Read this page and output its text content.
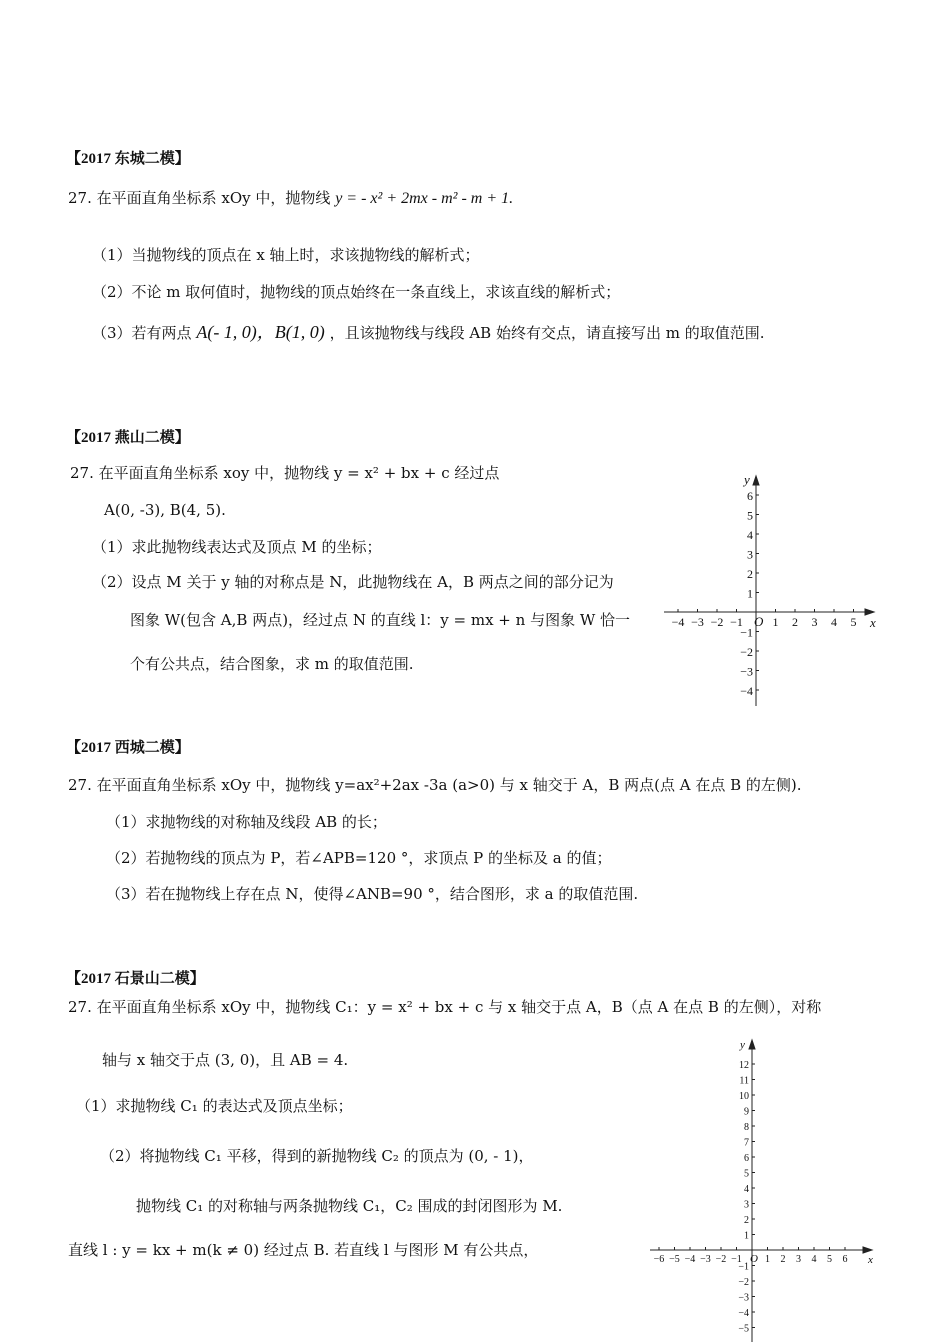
【2017 东城二模】
27. 在平面直角坐标系 xOy 中，抛物线 y = - x² + 2mx - m² - m + 1.
（1）当抛物线的顶点在 x 轴上时，求该抛物线的解析式；
（2）不论 m 取何值时，抛物线的顶点始终在一条直线上，求该直线的解析式；
（3）若有两点 A(- 1, 0)，B(1, 0) ，且该抛物线与线段 AB 始终有交点，请直接写出 m 的取值范围.
【2017 燕山二模】
27. 在平面直角坐标系 xoy 中，抛物线 y = x² + bx + c 经过点
A(0, -3), B(4, 5).
（1）求此抛物线表达式及顶点 M 的坐标；
（2）设点 M 关于 y 轴的对称点是 N，此抛物线在 A，B 两点之间的部分记为
图象 W(包含 A,B 两点)，经过点 N 的直线 l：y = mx + n 与图象 W 恰一
个有公共点，结合图象，求 m 的取值范围.
−4 −3 −2 −1 1 2 3 4 5
6
5
4
3
2
1
−1
−2
−3
−4
O	x
y
【2017 西城二模】
27. 在平面直角坐标系 xOy 中，抛物线 y=ax²+2ax -3a (a>0) 与 x 轴交于 A，B 两点(点 A 在点 B 的左侧).
（1）求抛物线的对称轴及线段 AB 的长；
（2）若抛物线的顶点为 P，若∠APB=120 °，求顶点 P 的坐标及 a 的值；
（3）若在抛物线上存在点 N，使得∠ANB=90 °，结合图形，求 a 的取值范围.
【2017 石景山二模】
27. 在平面直角坐标系 xOy 中，抛物线 C₁：y = x² + bx + c 与 x 轴交于点 A，B（点 A 在点 B 的左侧），对称
轴与 x 轴交于点 (3, 0)，且 AB = 4.
（1）求抛物线 C₁ 的表达式及顶点坐标；
（2）将抛物线 C₁ 平移，得到的新抛物线 C₂ 的顶点为 (0, - 1)，
抛物线 C₁ 的对称轴与两条抛物线 C₁，C₂ 围成的封闭图形为 M.
直线 l : y = kx + m(k ≠ 0) 经过点 B. 若直线 l 与图形 M 有公共点，
−6 −5 −4 −3 −2 −1 1 2 3 4 5 6
12
11
10
9
8
7
6
5
4
3
2
1
−1
−2
−3
−4
−5
O	x
y
